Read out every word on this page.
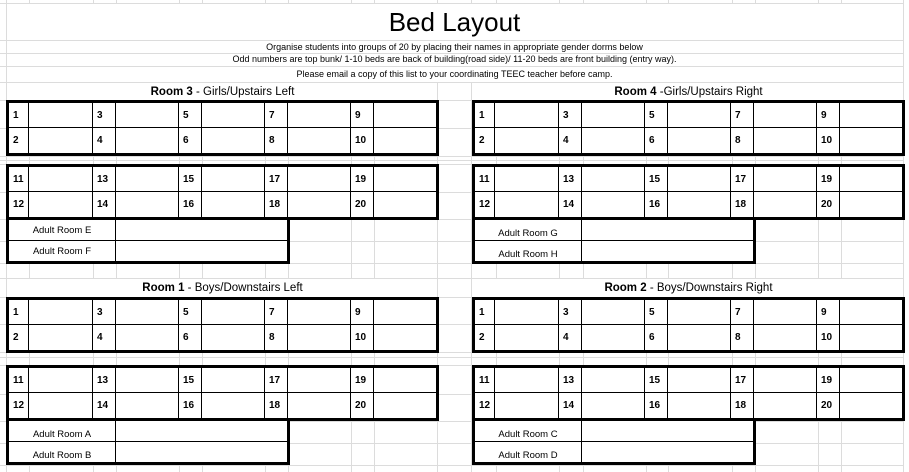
Bed Layout
Organise students into groups of 20 by placing their names in appropriate gender dorms below
Odd numbers are top bunk/ 1-10 beds are back of building(road side)/ 11-20 beds are front building (entry way).
Please email a copy of this list to your coordinating TEEC teacher before camp.
Room 3 - Girls/Upstairs Left
1	3	5	7	9
2	4	6	8	10
11	13	15	17	19
12	14	16	18	20
Adult Room E
Adult Room F
Room 4 -Girls/Upstairs Right
1	3	5	7	9
2	4	6	8	10
11	13	15	17	19
12	14	16	18	20
Adult Room G
Adult Room H
Room 1 - Boys/Downstairs Left
1	3	5	7	9
2	4	6	8	10
11	13	15	17	19
12	14	16	18	20
Adult Room A
Adult Room B
Room 2 - Boys/Downstairs Right
1	3	5	7	9
2	4	6	8	10
11	13	15	17	19
12	14	16	18	20
Adult Room C
Adult Room D
